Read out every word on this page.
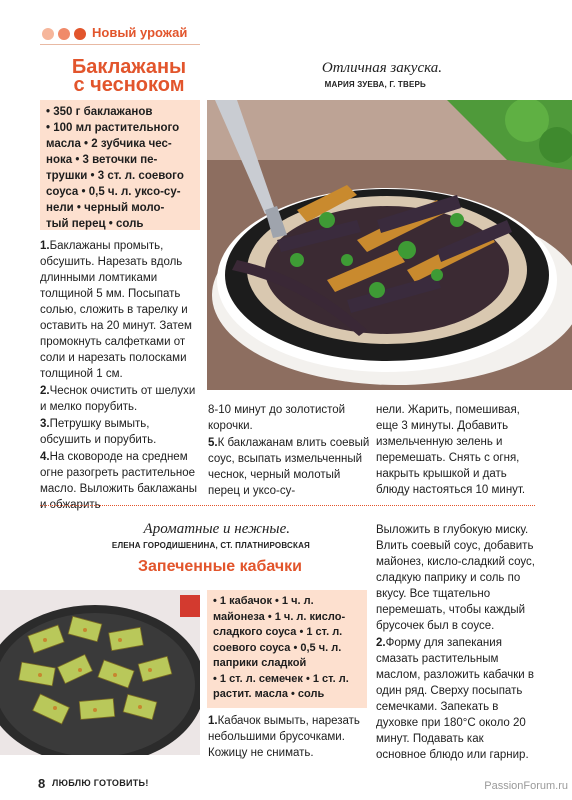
Новый урожай
Баклажаны
с чесноком
Отличная закуска.
МАРИЯ ЗУЕВА, Г. ТВЕРЬ
• 350 г баклажанов
• 100 мл растительного
масла • 2 зубчика чес-
нока • 3 веточки пе-
трушки • 3 ст. л. соевого
соуса • 0,5 ч. л. уксо-су-
нели • черный моло-
тый перец • соль

1.Баклажаны промыть, обсушить. Нарезать вдоль длинными ломтиками толщиной 5 мм. Посыпать солью, сложить в тарелку и оставить на 20 минут. Затем промокнуть салфетками от соли и нарезать полосками толщиной 1 см.

2.Чеснок очистить от шелухи и мелко порубить.

3.Петрушку вымыть, обсушить и порубить.

4.На сковороде на среднем огне разогреть растительное масло. Выложить баклажаны и обжарить

8-10 минут до золотистой корочки.

5.К баклажанам влить соевый соус, всыпать измельченный чеснок, черный молотый перец и уксо-су-

нели. Жарить, помешивая, еще 3 минуты. Добавить измельченную зелень и перемешать. Снять с огня, накрыть крышкой и дать блюду настояться 10 минут.

Ароматные и нежные.
ЕЛЕНА ГОРОДИШЕНИНА, СТ. ПЛАТНИРОВСКАЯ
Запеченные кабачки
• 1 кабачок • 1 ч. л.
майонеза • 1 ч. л. кисло-
сладкого соуса • 1 ст. л.
соевого соуса • 0,5 ч. л.
паприки сладкой
• 1 ст. л. семечек • 1 ст. л.
растит. масла • соль

1.Кабачок вымыть, нарезать небольшими брусочками. Кожицу не снимать.

Выложить в глубокую миску. Влить соевый соус, добавить майонез, кисло-сладкий соус, сладкую паприку и соль по вкусу. Все тщательно перемешать, чтобы каждый брусочек был в соусе.

2.Форму для запекания смазать растительным маслом, разложить кабачки в один ряд. Сверху посыпать семечками. Запекать в духовке при 180°С около 20 минут. Подавать как основное блюдо или гарнир.

8 ЛЮБЛЮ ГОТОВИТЬ!	PassionForum.ru
